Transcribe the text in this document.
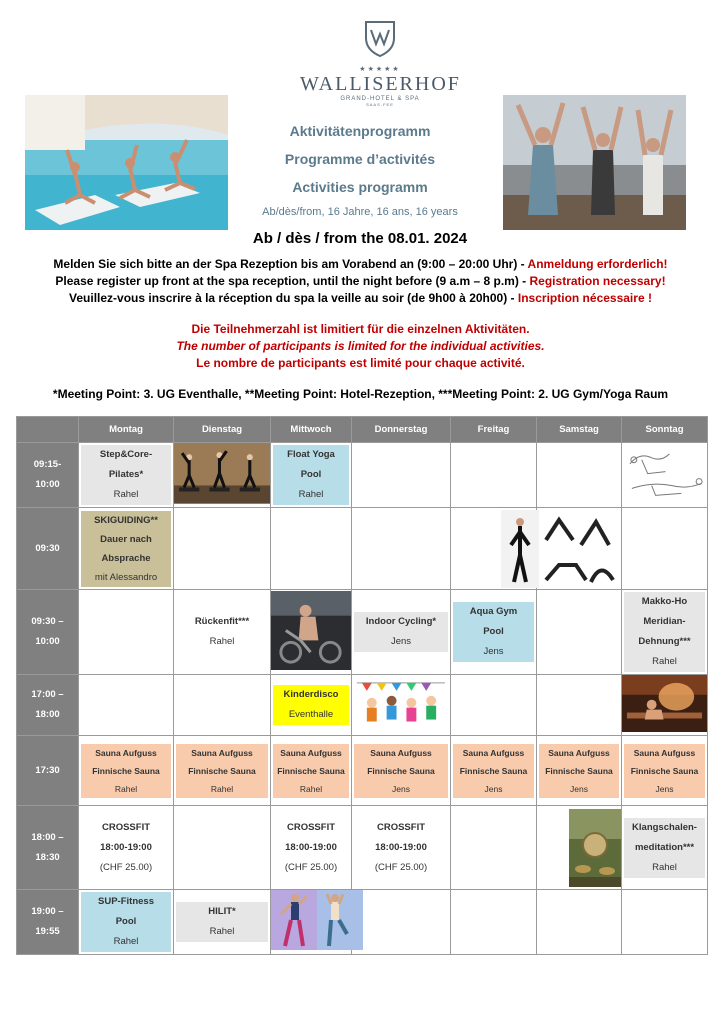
★★★★★
WALLISERHOF
GRAND-HOTEL & SPA
SAAS-FEE
Aktivitätenprogramm
Programme d’activités
Activities programm
Ab/dès/from, 16 Jahre, 16 ans, 16 years
Ab / dès / from the 08.01. 2024
Melden Sie sich bitte an der Spa Rezeption bis am Vorabend an (9:00 – 20:00 Uhr) - Anmeldung erforderlich!
Please register up front at the spa reception, until the night before (9 a.m – 8 p.m) - Registration necessary!
Veuillez-vous inscrire à la réception du spa la veille au soir (de 9h00 à 20h00) - Inscription nécessaire !
Die Teilnehmerzahl ist limitiert für die einzelnen Aktivitäten.
The number of participants is limited for the individual activities.
Le nombre de participants est limité pour chaque activité.
*Meeting Point: 3. UG Eventhalle, **Meeting Point: Hotel-Rezeption, ***Meeting Point: 2. UG Gym/Yoga Raum
	Montag	Dienstag	Mittwoch	Donnerstag	Freitag	Samstag	Sonntag
09:15-
10:00	Step&Core-
Pilates*
Rahel		Float Yoga
Pool
Rahel

09:30	SKIGUIDING**
Dauer nach
Absprache
mit Alessandro

09:30 –
10:00		Rückenfit***
Rahel		Indoor Cycling*
Jens	Aqua Gym
Pool
Jens		Makko-Ho
Meridian-
Dehnung***
Rahel

17:00 –
18:00			Kinderdisco
Eventhalle

17:30	Sauna Aufguss
Finnische Sauna
Rahel	Sauna Aufguss
Finnische Sauna
Rahel	Sauna Aufguss
Finnische Sauna
Rahel	Sauna Aufguss
Finnische Sauna
Jens	Sauna Aufguss
Finnische Sauna
Jens	Sauna Aufguss
Finnische Sauna
Jens	Sauna Aufguss
Finnische Sauna
Jens

18:00 –
18:30	CROSSFIT
18:00-19:00
(CHF 25.00)		CROSSFIT
18:00-19:00
(CHF 25.00)	CROSSFIT
18:00-19:00
(CHF 25.00)			Klangschalen-
meditation***
Rahel

19:00 –
19:55	SUP-Fitness
Pool
Rahel	HILIT*
Rahel
